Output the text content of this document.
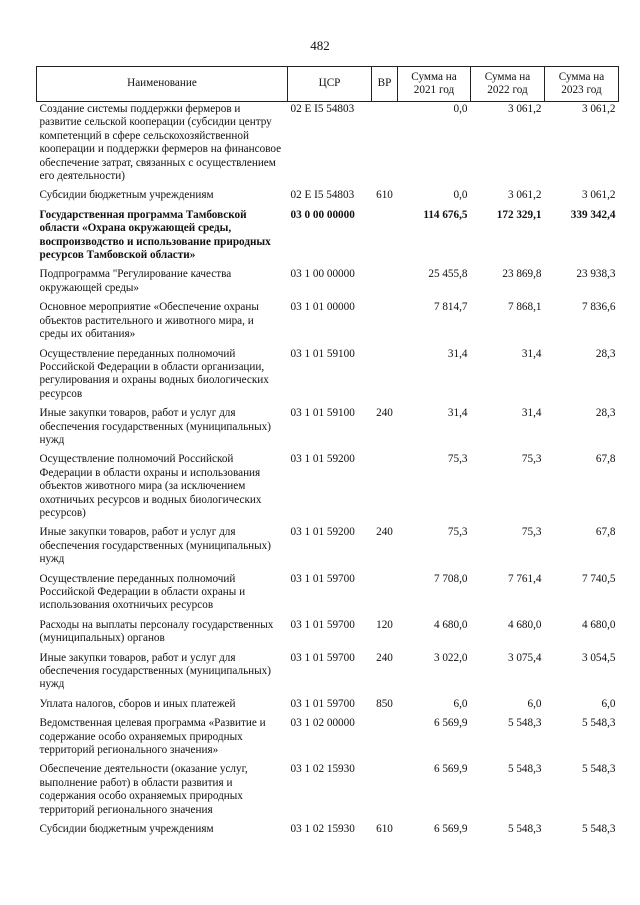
482
Наименование	ЦСР	ВР	Сумма на 2021 год	Сумма на 2022 год	Сумма на 2023 год
Создание системы поддержки фермеров и развитие сельской кооперации (субсидии центру компетенций в сфере сельскохозяйственной кооперации и поддержки фермеров на финансовое обеспечение затрат, связанных с осуществлением его деятельности)	02 Е I5 54803		0,0	3 061,2	3 061,2
Субсидии бюджетным учреждениям	02 Е I5 54803	610	0,0	3 061,2	3 061,2
Государственная программа Тамбовской области «Охрана окружающей среды, воспроизводство и использование природных ресурсов Тамбовской области»	03 0 00 00000		114 676,5	172 329,1	339 342,4
Подпрограмма "Регулирование качества окружающей среды»	03 1 00 00000		25 455,8	23 869,8	23 938,3
Основное мероприятие «Обеспечение охраны объектов растительного и животного мира, и среды их обитания»	03 1 01 00000		7 814,7	7 868,1	7 836,6
Осуществление переданных полномочий Российской Федерации в области организации, регулирования и охраны водных биологических ресурсов	03 1 01 59100		31,4	31,4	28,3
Иные закупки товаров, работ и услуг для обеспечения государственных (муниципальных) нужд	03 1 01 59100	240	31,4	31,4	28,3
Осуществление полномочий Российской Федерации в области охраны и использования объектов животного мира (за исключением охотничьих ресурсов и водных биологических ресурсов)	03 1 01 59200		75,3	75,3	67,8
Иные закупки товаров, работ и услуг для обеспечения государственных (муниципальных) нужд	03 1 01 59200	240	75,3	75,3	67,8
Осуществление переданных полномочий Российской Федерации в области охраны и использования охотничьих ресурсов	03 1 01 59700		7 708,0	7 761,4	7 740,5
Расходы на выплаты персоналу государственных (муниципальных) органов	03 1 01 59700	120	4 680,0	4 680,0	4 680,0
Иные закупки товаров, работ и услуг для обеспечения государственных (муниципальных) нужд	03 1 01 59700	240	3 022,0	3 075,4	3 054,5
Уплата налогов, сборов и иных платежей	03 1 01 59700	850	6,0	6,0	6,0
Ведомственная целевая программа «Развитие и содержание особо охраняемых природных территорий регионального значения»	03 1 02 00000		6 569,9	5 548,3	5 548,3
Обеспечение деятельности (оказание услуг, выполнение работ) в области развития и содержания особо охраняемых природных территорий регионального значения	03 1 02 15930		6 569,9	5 548,3	5 548,3
Субсидии бюджетным учреждениям	03 1 02 15930	610	6 569,9	5 548,3	5 548,3
